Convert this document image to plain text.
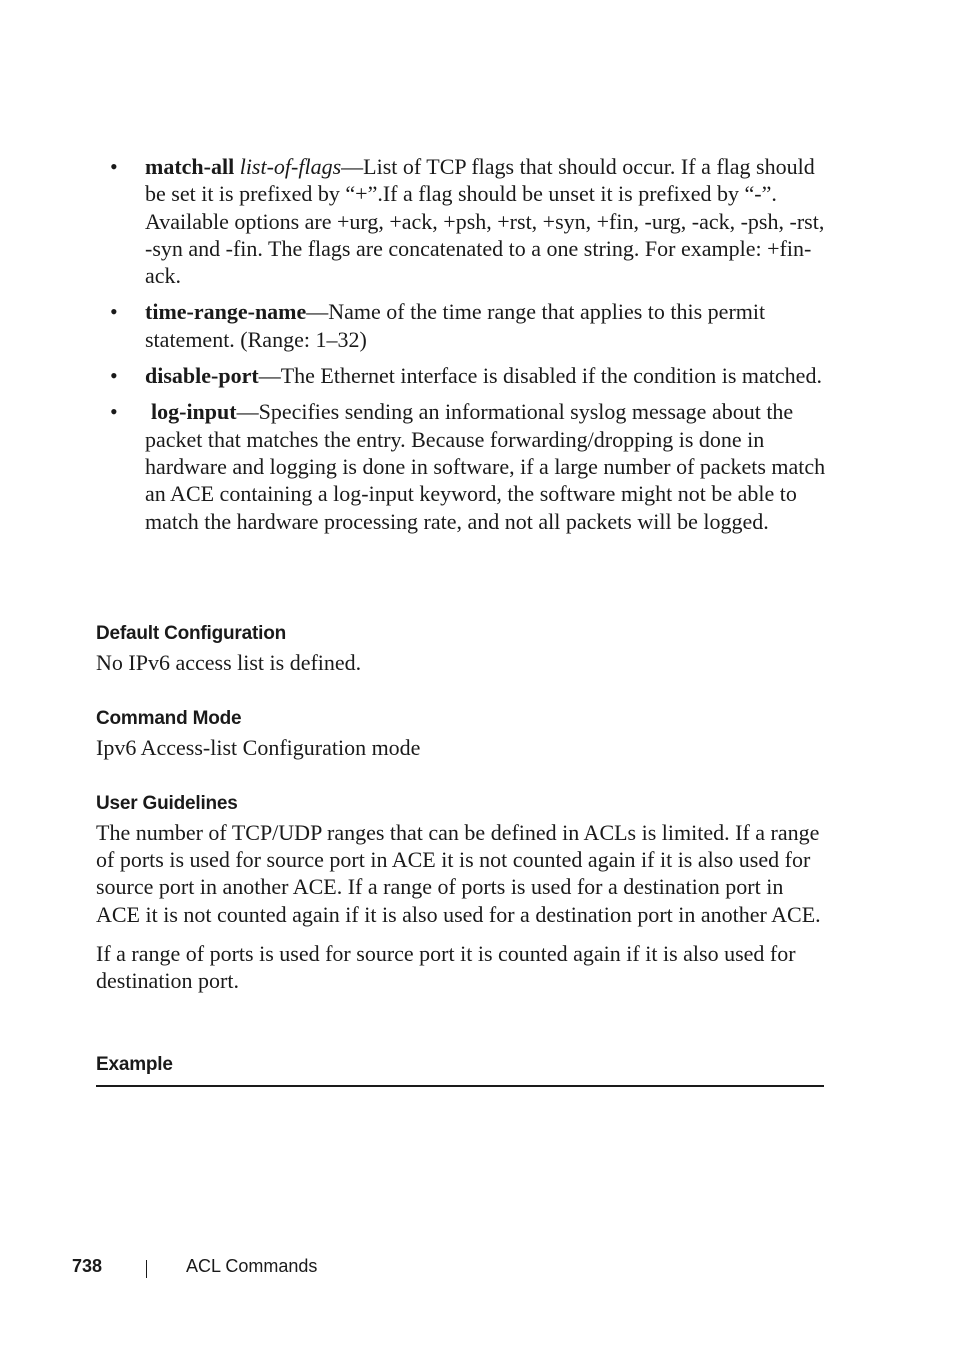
• match-all list-of-flags—List of TCP flags that should occur. If a flag should be set it is prefixed by “+”.If a flag should be unset it is prefixed by “-”. Available options are +urg, +ack, +psh, +rst, +syn, +fin, -urg, -ack, -psh, -rst, -syn and -fin. The flags are concatenated to a one string. For example: +fin-ack.
• time-range-name—Name of the time range that applies to this permit statement. (Range: 1–32)
• disable-port—The Ethernet interface is disabled if the condition is matched.
• log-input—Specifies sending an informational syslog message about the packet that matches the entry. Because forwarding/dropping is done in hardware and logging is done in software, if a large number of packets match an ACE containing a log-input keyword, the software might not be able to match the hardware processing rate, and not all packets will be logged.
Default Configuration

No IPv6 access list is defined.

Command Mode

Ipv6 Access-list Configuration mode

User Guidelines

The number of TCP/UDP ranges that can be defined in ACLs is limited. If a range of ports is used for source port in ACE it is not counted again if it is also used for source port in another ACE. If a range of ports is used for a destination port in ACE it is not counted again if it is also used for a destination port in another ACE.

If a range of ports is used for source port it is counted again if it is also used for destination port.

Example
738	ACL Commands
